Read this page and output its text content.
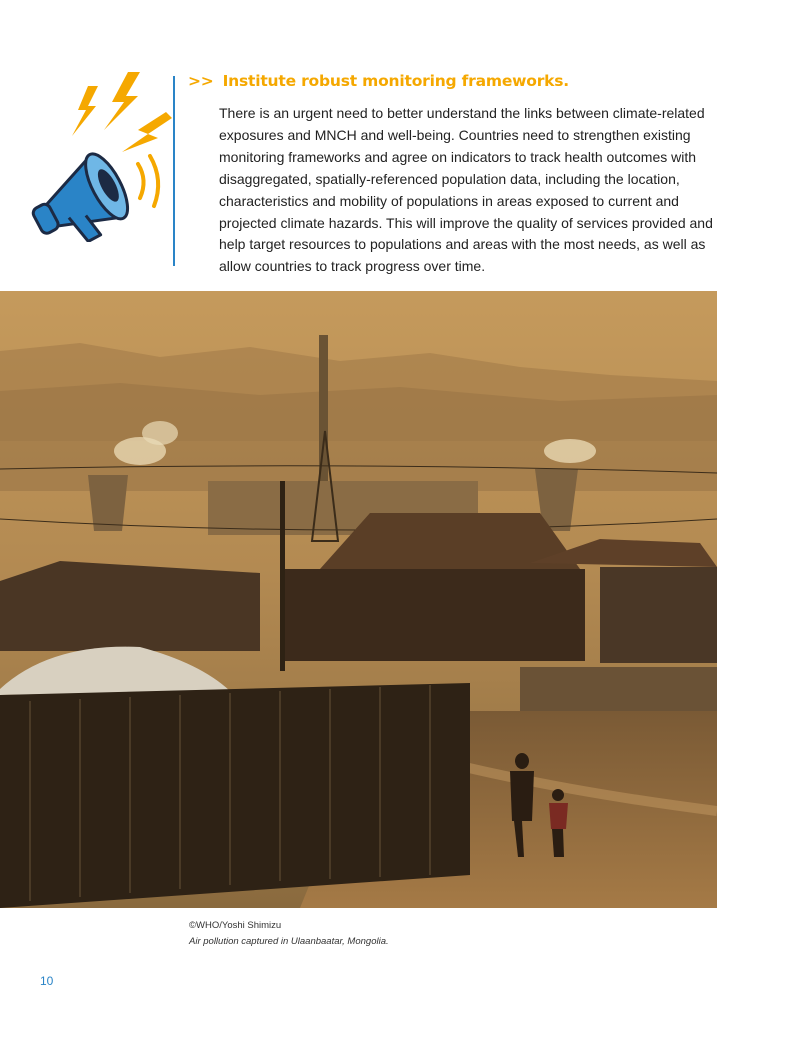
>> Institute robust monitoring frameworks.

There is an urgent need to better understand the links between climate-related exposures and MNCH and well-being. Countries need to strengthen existing monitoring frameworks and agree on indicators to track health outcomes with disaggregated, spatially-referenced population data, including the location, characteristics and mobility of populations in areas exposed to current and projected climate hazards. This will improve the quality of services provided and help target resources to populations and areas with the most needs, as well as allow countries to track progress over time.

©WHO/Yoshi Shimizu

Air pollution captured in Ulaanbaatar, Mongolia.

10
